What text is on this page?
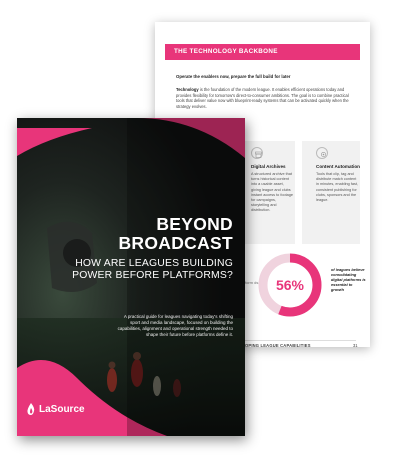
THE TECHNOLOGY BACKBONE
Operate the enablers now, prepare the full build for later
Technology is the foundation of the modern league. It enables efficient operations today and provides flexibility for tomorrow's direct-to-consumer ambitions. The goal is to combine practical tools that deliver value now with blueprint-ready systems that can be activated quickly when the strategy evolves.
Digital Archives
A structured archive that turns historical content into a usable asset, giving league and clubs instant access to footage for campaigns, storytelling and distribution.
Content Automation
Tools that clip, tag and distribute match content in minutes, enabling fast, consistent publishing for clubs, sponsors and the league.
form ds.	56%
of leagues believe consolidating digital platforms is essential to growth
OPING LEAGUE CAPABILITIES	31
BEYOND
BROADCAST
HOW ARE LEAGUES BUILDING
POWER BEFORE PLATFORMS?
A practical guide for leagues navigating today's shifting sport and media landscape, focused on building the capabilities, alignment and operational strength needed to shape their future before platforms define it.
LaSource
